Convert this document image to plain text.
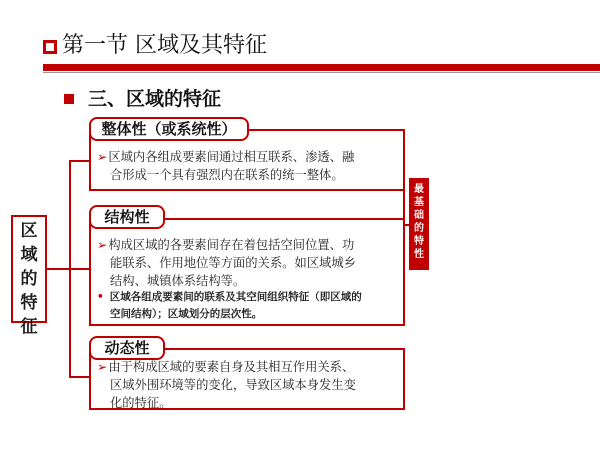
第一节 区域及其特征
三、区域的特征
区
域
的
特
征
➢区域内各组成要素间通过相互联系、渗透、融
合形成一个具有强烈内在联系的统一整体。
整体性（或系统性）
➢构成区域的各要素间存在着包括空间位置、功
能联系、作用地位等方面的关系。如区域城乡
结构、城镇体系结构等。
• 区域各组成要素间的联系及其空间组织特征（即区域的
空间结构）；区域划分的层次性。
结构性
➢由于构成区域的要素自身及其相互作用关系、
区域外围环境等的变化，导致区域本身发生变
化的特征。
动态性
最
基
础
的
特
性
